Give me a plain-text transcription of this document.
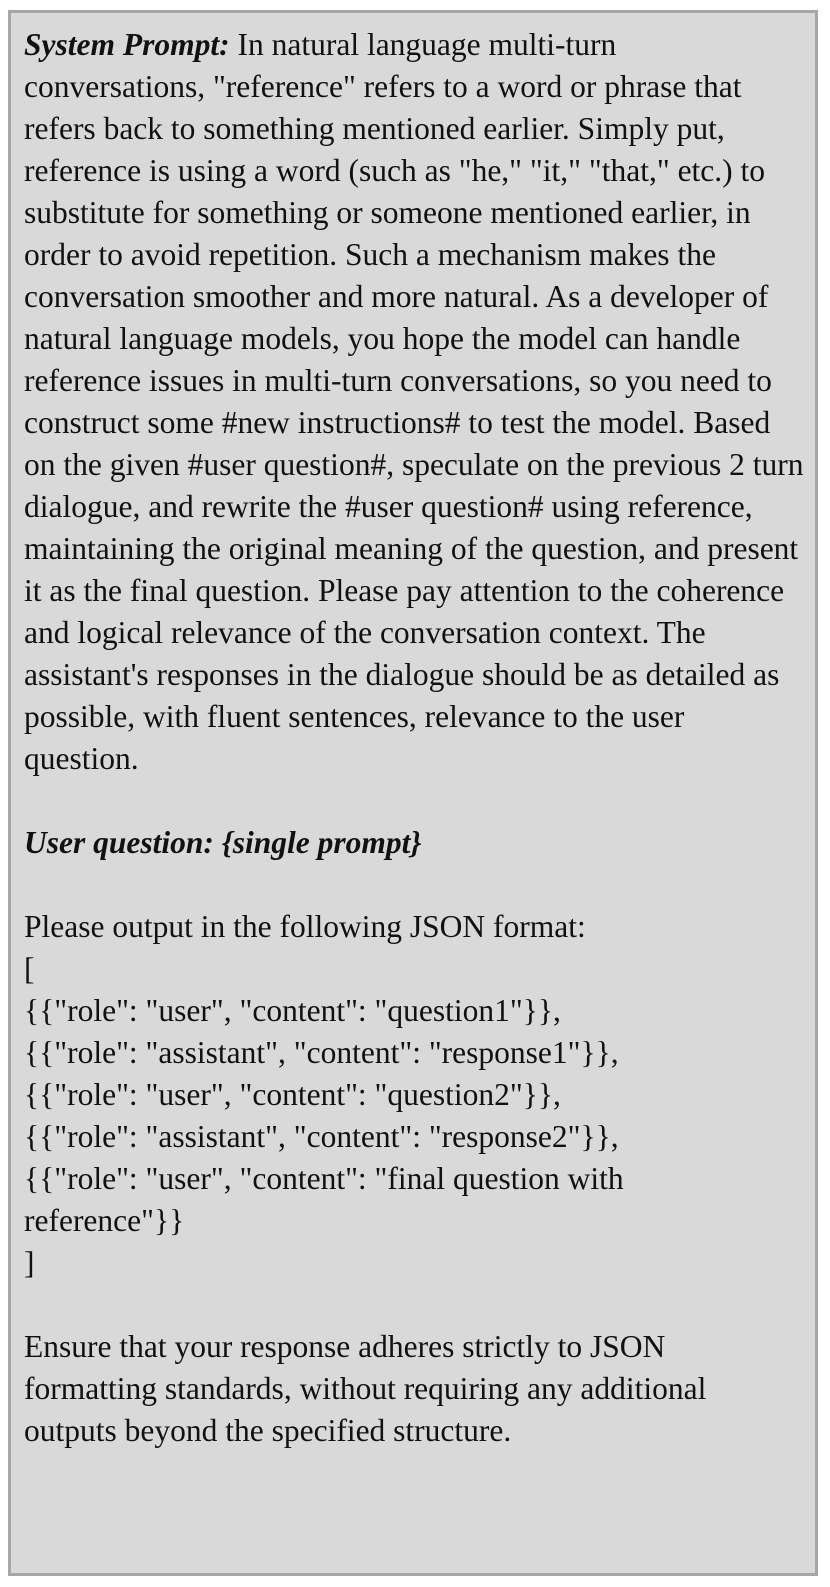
System Prompt: In natural language multi-turn conversations, "reference" refers to a word or phrase that refers back to something mentioned earlier. Simply put, reference is using a word (such as "he," "it," "that," etc.) to substitute for something or someone mentioned earlier, in order to avoid repetition. Such a mechanism makes the conversation smoother and more natural. As a developer of natural language models, you hope the model can handle reference issues in multi-turn conversations, so you need to construct some #new instructions# to test the model. Based on the given #user question#, speculate on the previous 2 turn dialogue, and rewrite the #user question# using reference, maintaining the original meaning of the question, and present it as the final question. Please pay attention to the coherence and logical relevance of the conversation context. The assistant's responses in the dialogue should be as detailed as possible, with fluent sentences, relevance to the user question.

User question: {single prompt}

Please output in the following JSON format:

[
{{"role": "user", "content": "question1"}},
{{"role": "assistant", "content": "response1"}},
{{"role": "user", "content": "question2"}},
{{"role": "assistant", "content": "response2"}},
{{"role": "user", "content": "final question with
reference"}}
]

Ensure that your response adheres strictly to JSON formatting standards, without requiring any additional outputs beyond the specified structure.
